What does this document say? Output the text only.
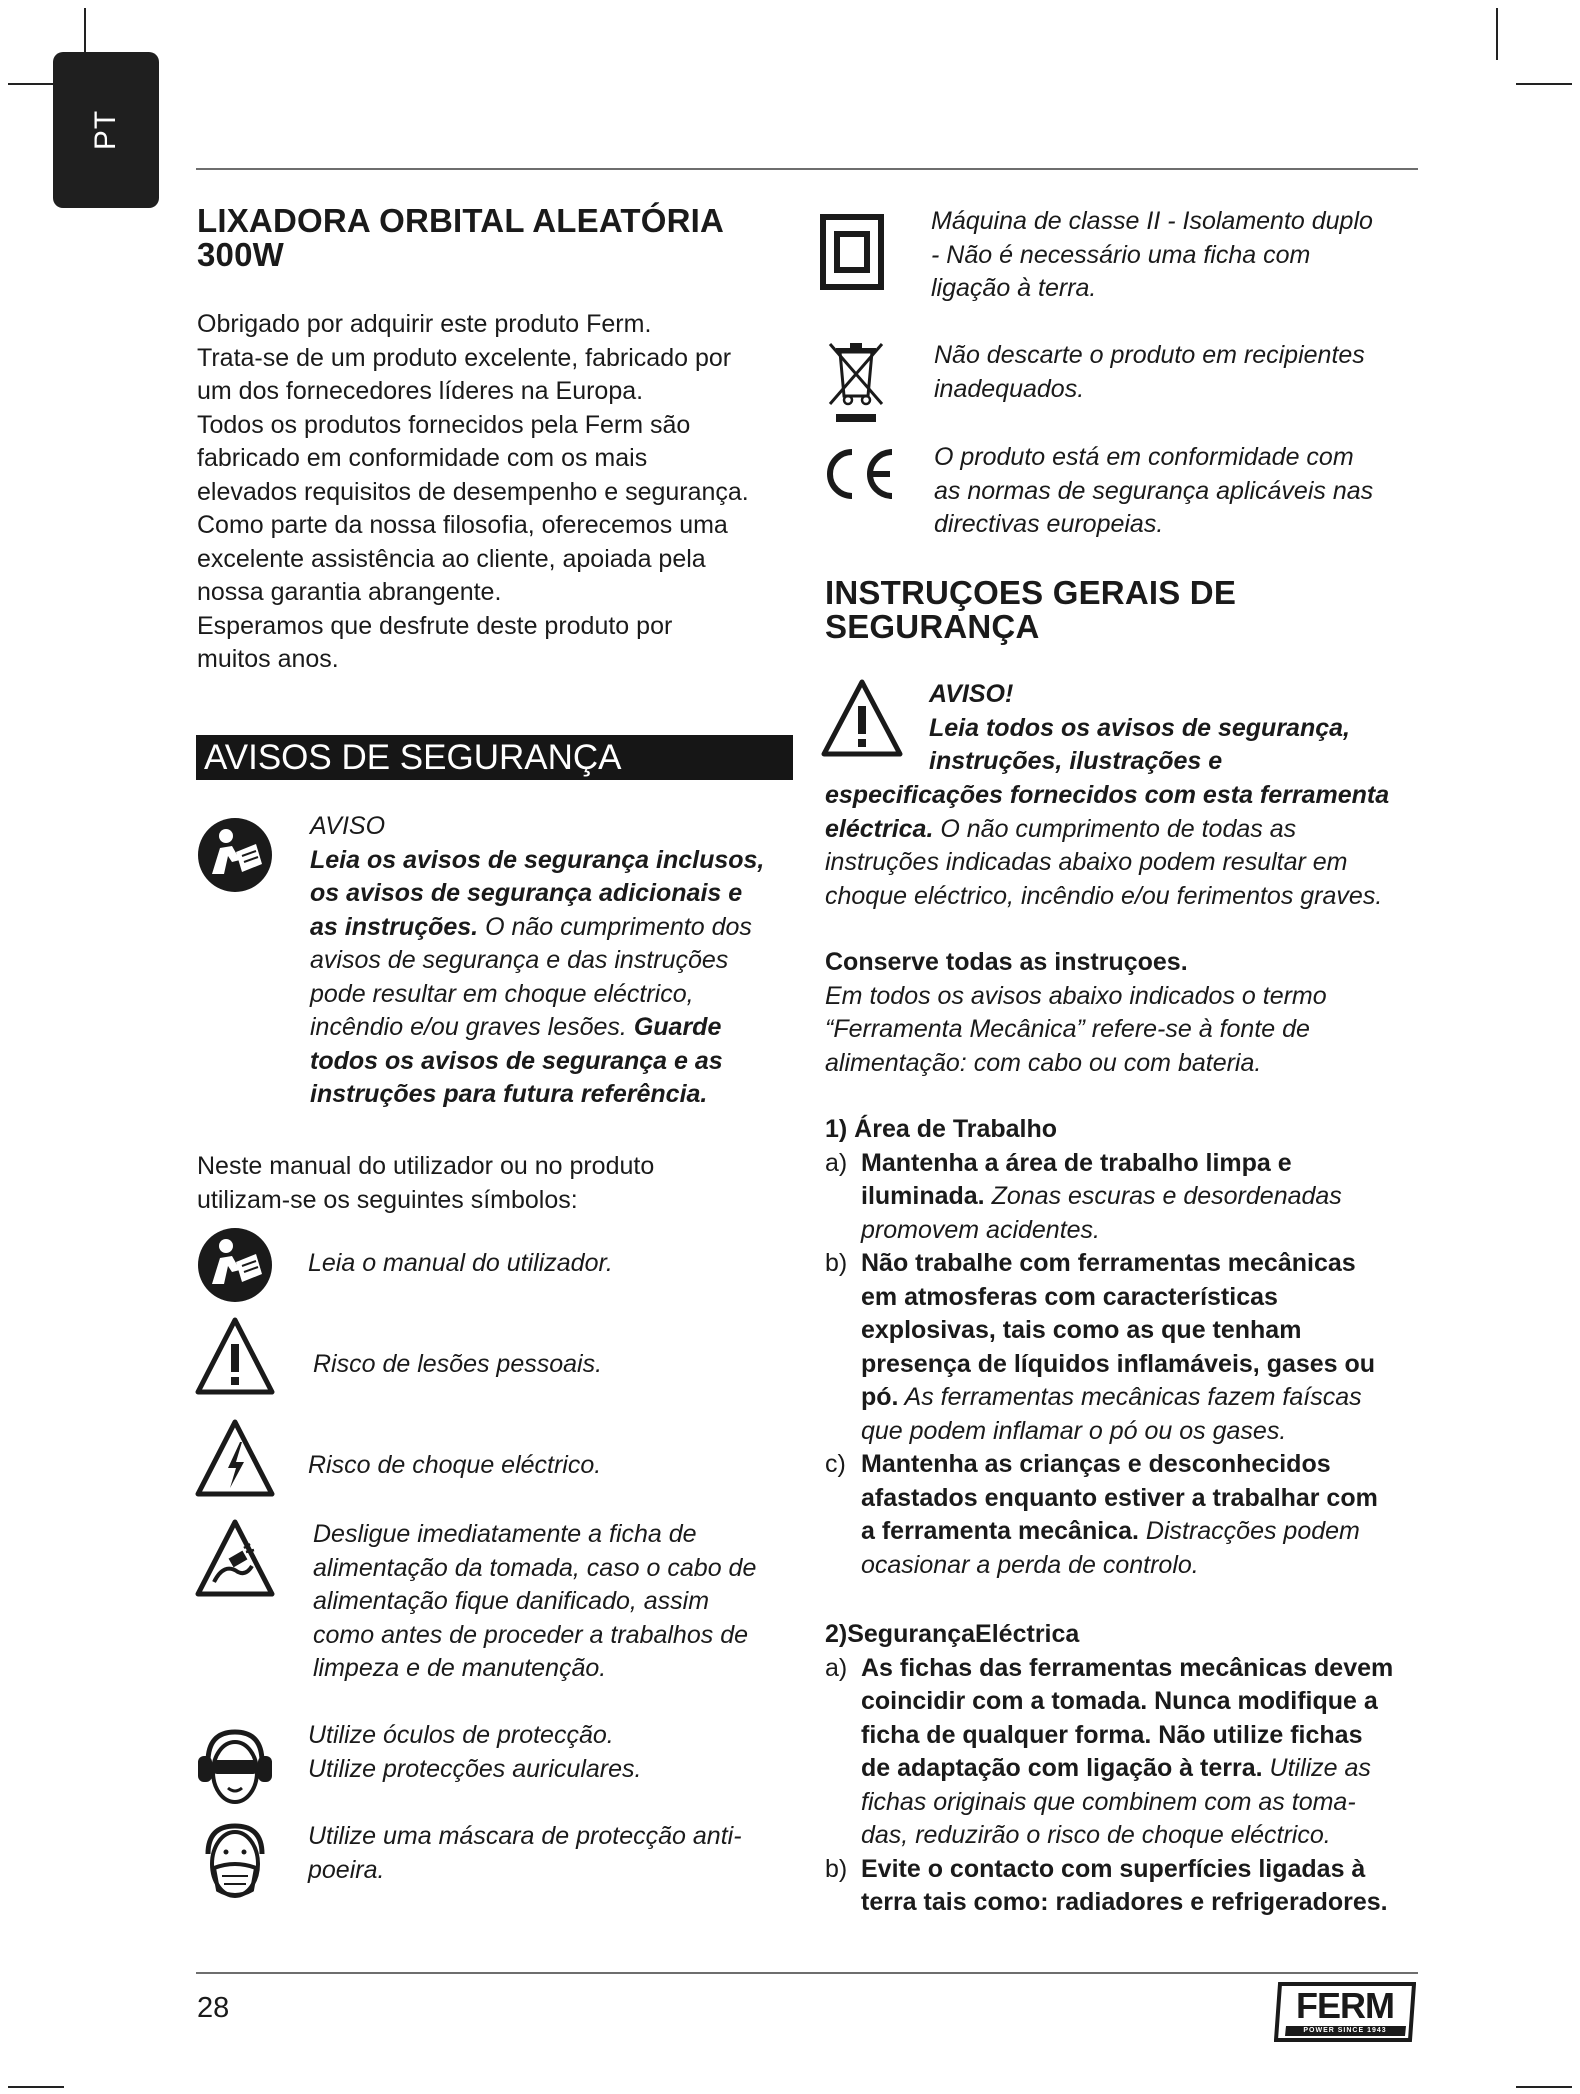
PT
LIXADORA ORBITAL ALEATÓRIA
300W
Obrigado por adquirir este produto Ferm.
Trata-se de um produto excelente, fabricado por
um dos fornecedores líderes na Europa.
Todos os produtos fornecidos pela Ferm são
fabricado em conformidade com os mais
elevados requisitos de desempenho e segurança.
Como parte da nossa filosofia, oferecemos uma
excelente assistência ao cliente, apoiada pela
nossa garantia abrangente.
Esperamos que desfrute deste produto por
muitos anos.
AVISOS DE SEGURANÇA
AVISO
Leia os avisos de segurança inclusos,
os avisos de segurança adicionais e
as instruções. O não cumprimento dos
avisos de segurança e das instruções
pode resultar em choque eléctrico,
incêndio e/ou graves lesões. Guarde
todos os avisos de segurança e as
instruções para futura referência.
Neste manual do utilizador ou no produto
utilizam-se os seguintes símbolos:
Leia o manual do utilizador.
Risco de lesões pessoais.
Risco de choque eléctrico.
Desligue imediatamente a ficha de
alimentação da tomada, caso o cabo de
alimentação fique danificado, assim
como antes de proceder a trabalhos de
limpeza e de manutenção.
Utilize óculos de protecção.
Utilize protecções auriculares.
Utilize uma máscara de protecção anti-
poeira.
Máquina de classe II - Isolamento duplo
- Não é necessário uma ficha com
ligação à terra.
Não descarte o produto em recipientes
inadequados.
O produto está em conformidade com
as normas de segurança aplicáveis nas
directivas europeias.
INSTRUÇOES GERAIS DE
SEGURANÇA
AVISO!
Leia todos os avisos de segurança,
instruções, ilustrações e
especificações fornecidos com esta ferramenta
eléctrica. O não cumprimento de todas as
instruções indicadas abaixo podem resultar em
choque eléctrico, incêndio e/ou ferimentos graves.
Conserve todas as instruçoes.
Em todos os avisos abaixo indicados o termo
“Ferramenta Mecânica” refere-se à fonte de
alimentação: com cabo ou com bateria.
1) Área de Trabalho
a) Mantenha a área de trabalho limpa e
iluminada. Zonas escuras e desordenadas
promovem acidentes.
b) Não trabalhe com ferramentas mecânicas
em atmosferas com características
explosivas, tais como as que tenham
presença de líquidos inflamáveis, gases ou
pó. As ferramentas mecânicas fazem faíscas
que podem inflamar o pó ou os gases.
c) Mantenha as crianças e desconhecidos
afastados enquanto estiver a trabalhar com
a ferramenta mecânica. Distracções podem
ocasionar a perda de controlo.
2)SegurançaEléctrica
a) As fichas das ferramentas mecânicas devem
coincidir com a tomada. Nunca modifique a
ficha de qualquer forma. Não utilize fichas
de adaptação com ligação à terra. Utilize as
fichas originais que combinem com as toma-
das, reduzirão o risco de choque eléctrico.
b) Evite o contacto com superfícies ligadas à
terra tais como: radiadores e refrigeradores.
28	FERM
POWER SINCE 1943
